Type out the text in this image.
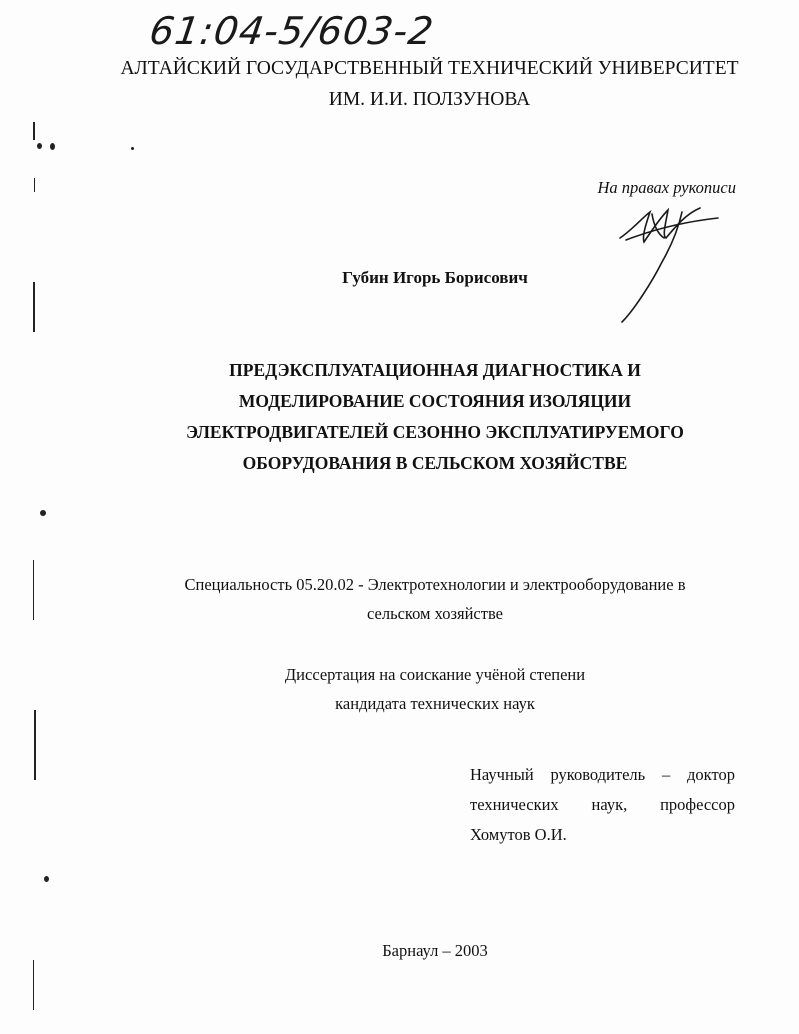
61:04-5/603-2
АЛТАЙСКИЙ ГОСУДАРСТВЕННЫЙ ТЕХНИЧЕСКИЙ УНИВЕРСИТЕТ
ИМ. И.И. ПОЛЗУНОВА
На правах рукописи
Губин Игорь Борисович
ПРЕДЭКСПЛУАТАЦИОННАЯ ДИАГНОСТИКА И
МОДЕЛИРОВАНИЕ СОСТОЯНИЯ ИЗОЛЯЦИИ
ЭЛЕКТРОДВИГАТЕЛЕЙ СЕЗОННО ЭКСПЛУАТИРУЕМОГО
ОБОРУДОВАНИЯ В СЕЛЬСКОМ ХОЗЯЙСТВЕ
Специальность 05.20.02 - Электротехнологии и электрооборудование в
сельском хозяйстве
Диссертация на соискание учёной степени
кандидата технических наук
Научный руководитель – доктор
технических наук, профессор
Хомутов О.И.
Барнаул – 2003
